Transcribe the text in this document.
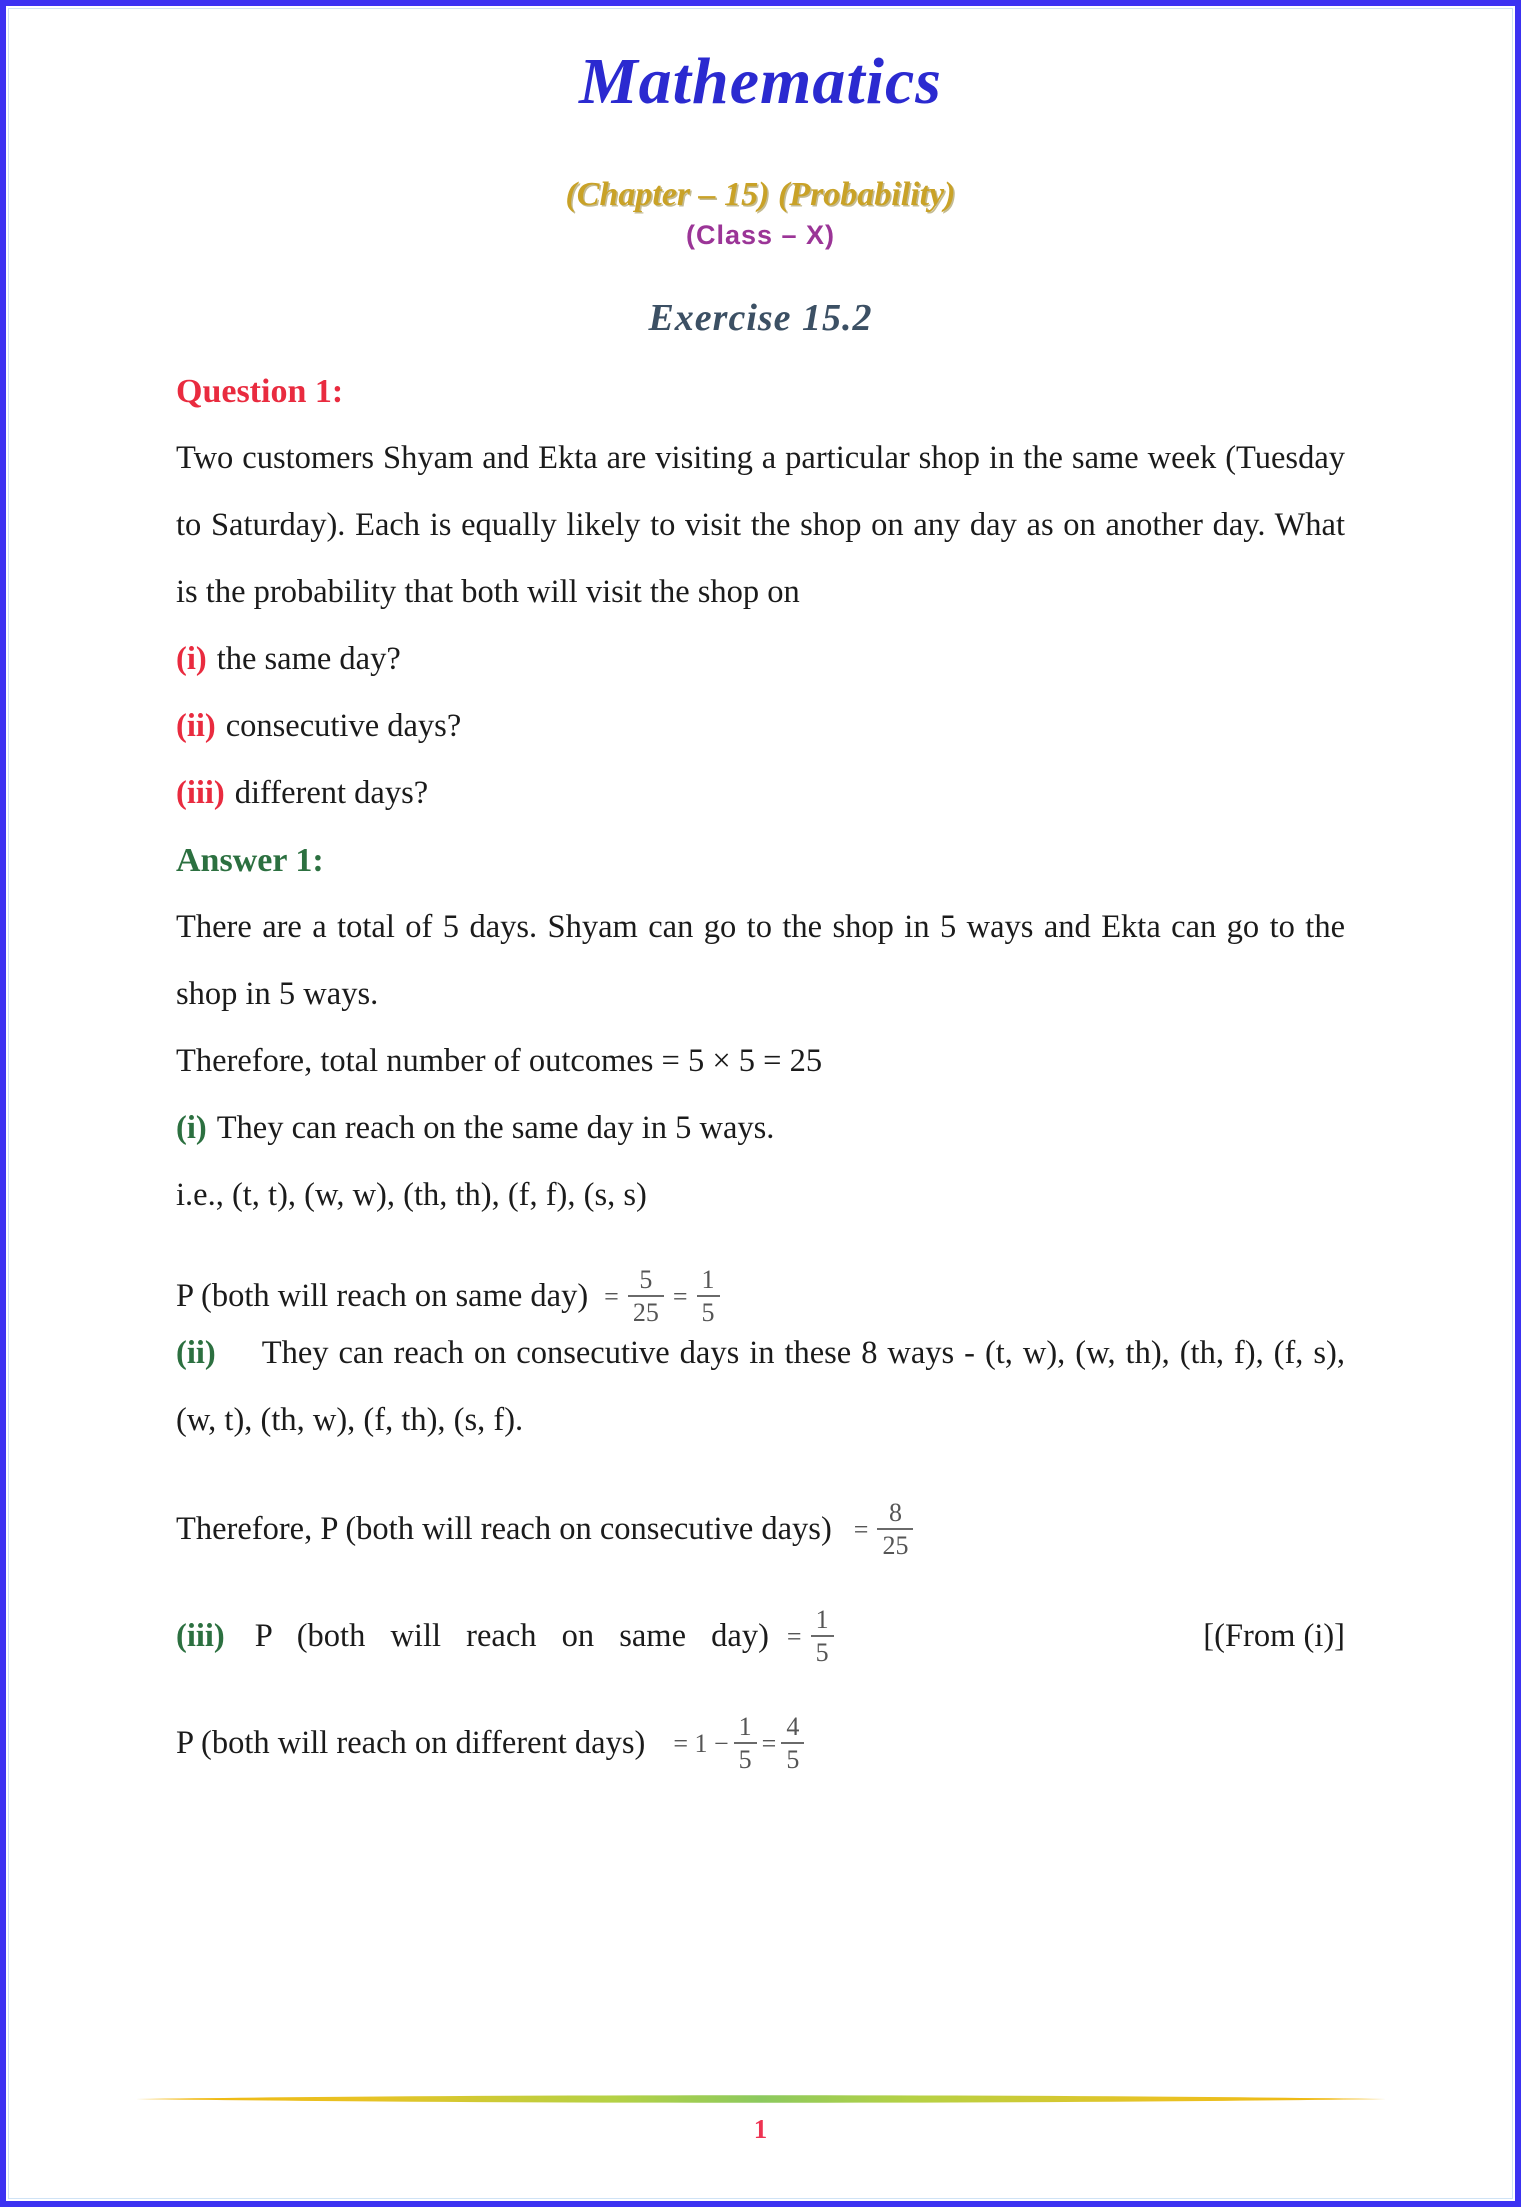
Mathematics
(Chapter – 15) (Probability)
(Class – X)
Exercise 15.2
Question 1:

Two customers Shyam and Ekta are visiting a particular shop in the same week (Tuesday to Saturday). Each is equally likely to visit the shop on any day as on another day. What is the probability that both will visit the shop on

(i) the same day?
(ii) consecutive days?
(iii) different days?
Answer 1:

There are a total of 5 days. Shyam can go to the shop in 5 ways and Ekta can go to the shop in 5 ways.

Therefore, total number of outcomes = 5 × 5 = 25

(i) They can reach on the same day in 5 ways.

i.e., (t, t), (w, w), (th, th), (f, f), (s, s)

P (both will reach on same $day) = \frac{5}{25} = \frac{1}{5}$

(ii) They can reach on consecutive days in these 8 ways - (t, w), (w, th), (th, f), (f, s), (w, t), (th, w), (f, th), (s, f).

Therefore, P (both will reach on consecutive days) = $\frac{8}{25}$
(iii) P (both will reach on same $day) = \frac{1}{5}$	[(From (i)]
P (both will reach on different days) = $1 - \frac{1}{5} = \frac{4}{5}$
1
